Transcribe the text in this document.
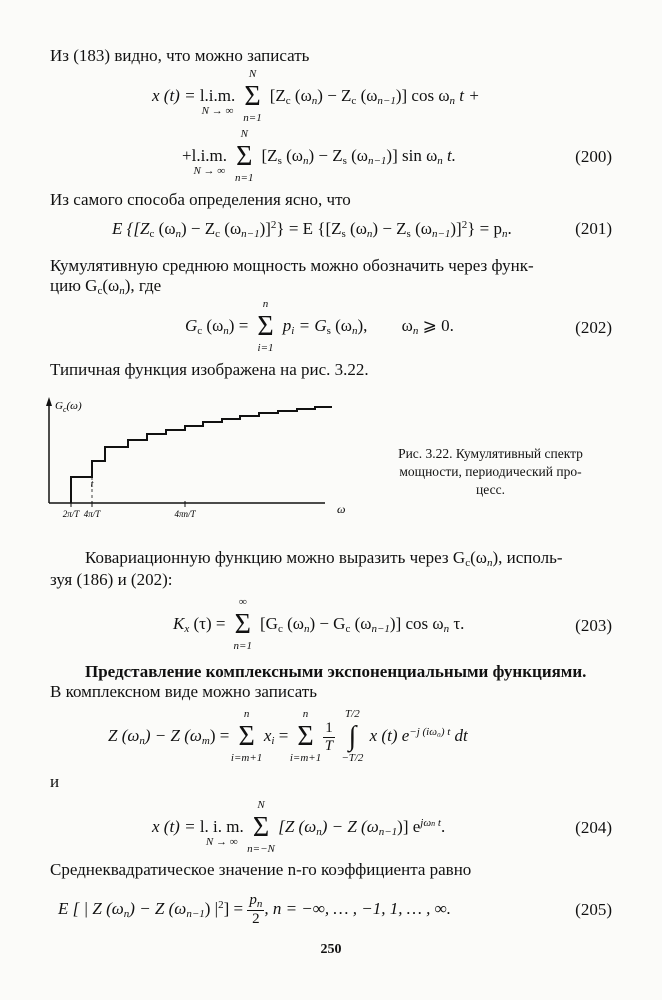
Из (183) видно, что можно записать
x (t) = l.i.m.
N → ∞

N
Σ
n=1
[$Z_c$ $(\omega_n) - Z_c$ $(\omega_{n-1})$] $\cos \omega_n$ t +
+l.i.m.
N → ∞

N
Σ
n=1
[$Z_s$ $(\omega_n) - Z_s$ $(\omega_{n-1})$] $\sin \omega_n$ t.	(200)
Из самого способа определения ясно, что
E {[$Z_c$ $(\omega_n) - Z_c$ $(\omega_{n-1})]^2\} = E$ {[$Z_s$ $(\omega_n) - Z_s$ $(\omega_{n-1})]^2\} = p_n$.	(201)
Кумулятивную среднюю мощность можно обозначить через функ-
цию $G_c(\omega_n)$, где
$G_c$ $(\omega_n)$ =
n
Σ
i=1
$p_i = G_s$ $(\omega_n)$, $\omega_n$ ⩾ 0.	(202)
Типичная функция изображена на рис. 3.22.
$G_c(\omega)$
t
2π/T 4π/T	4πn/T	ω
Рис. 3.22. Кумулятивный спектр
мощности, периодический про-
цесс.
Ковариационную функцию можно выразить через $G_c(\omega_n)$, исполь-
зуя (186) и (202):
$K_x$ (τ) =
∞
Σ
n=1
[$G_c$ $(\omega_n) - G_c$ $(\omega_{n-1})$] $\cos \omega_n$ τ.	(203)
Представление комплексными экспоненциальными функциями.
В комплексном виде можно записать
Z $(\omega_n) - Z$ $(\omega_m)$ =
n
Σ
i=m+1
$x_i$ =
n
Σ
i=m+1

$\frac{1}{T}$

T/2
∫
−T/2
x (t) $e^{-j (i\omega_0) t}$ dt
и
x (t) = l. i. m.
N → ∞

N
Σ
n=−N
[Z $(\omega_n) - Z$ $(\omega_{n-1})$] $e^{j\omega n}$ $^t$.	(204)
Среднеквадратическое значение n-го коэффициента равно
E [ | Z $(\omega_n) - Z$ $(\omega_{n-1}) |^2] = \frac{p_n}{2}$ , n = −∞, … , −1, 1, … , ∞.	(205)
250
